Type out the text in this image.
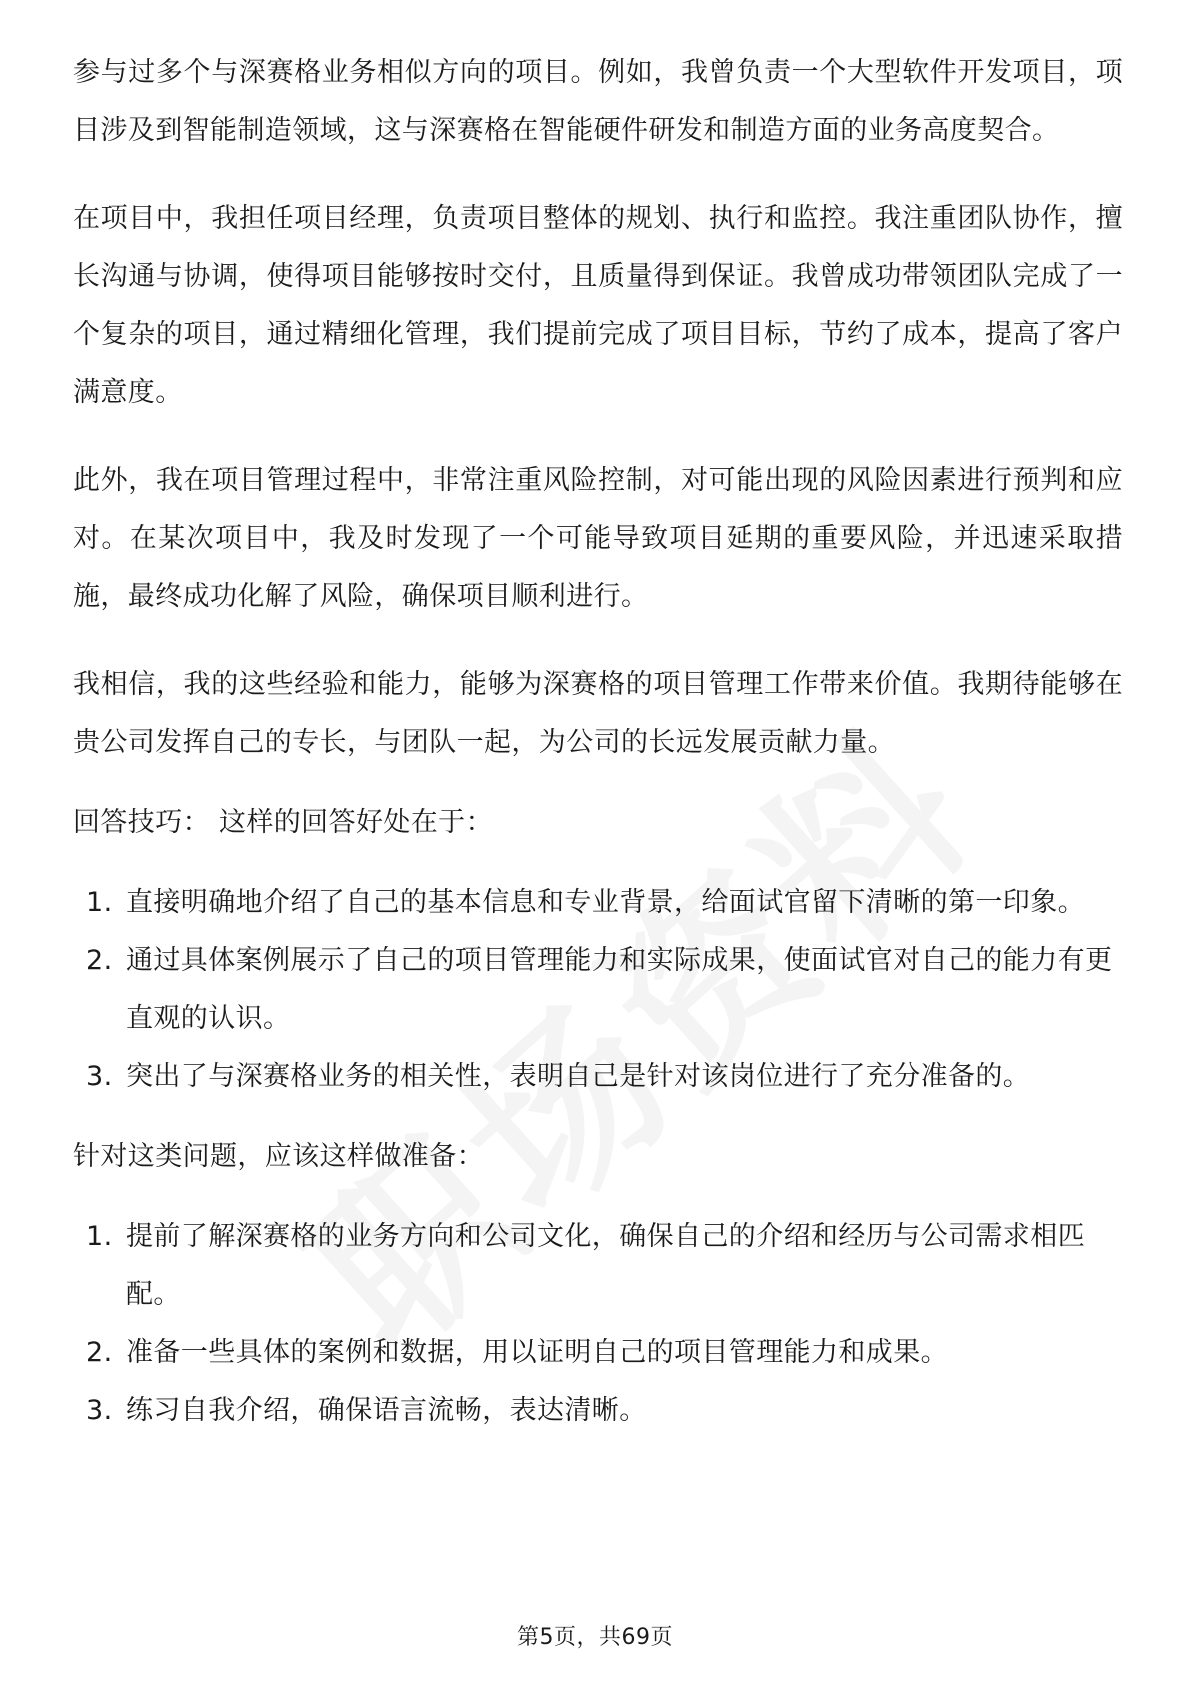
参与过多个与深赛格业务相似方向的项目。例如，我曾负责一个大型软件开发项目，项目涉及到智能制造领域，这与深赛格在智能硬件研发和制造方面的业务高度契合。

在项目中，我担任项目经理，负责项目整体的规划、执行和监控。我注重团队协作，擅长沟通与协调，使得项目能够按时交付，且质量得到保证。我曾成功带领团队完成了一个复杂的项目，通过精细化管理，我们提前完成了项目目标，节约了成本，提高了客户满意度。

此外，我在项目管理过程中，非常注重风险控制，对可能出现的风险因素进行预判和应对。在某次项目中，我及时发现了一个可能导致项目延期的重要风险，并迅速采取措施，最终成功化解了风险，确保项目顺利进行。

我相信，我的这些经验和能力，能够为深赛格的项目管理工作带来价值。我期待能够在贵公司发挥自己的专长，与团队一起，为公司的长远发展贡献力量。

回答技巧： 这样的回答好处在于：

1. 直接明确地介绍了自己的基本信息和专业背景，给面试官留下清晰的第一印象。
2. 通过具体案例展示了自己的项目管理能力和实际成果，使面试官对自己的能力有更直观的认识。
3. 突出了与深赛格业务的相关性，表明自己是针对该岗位进行了充分准备的。

针对这类问题，应该这样做准备：

1. 提前了解深赛格的业务方向和公司文化，确保自己的介绍和经历与公司需求相匹配。
2. 准备一些具体的案例和数据，用以证明自己的项目管理能力和成果。
3. 练习自我介绍，确保语言流畅，表达清晰。
第5页，共69页
